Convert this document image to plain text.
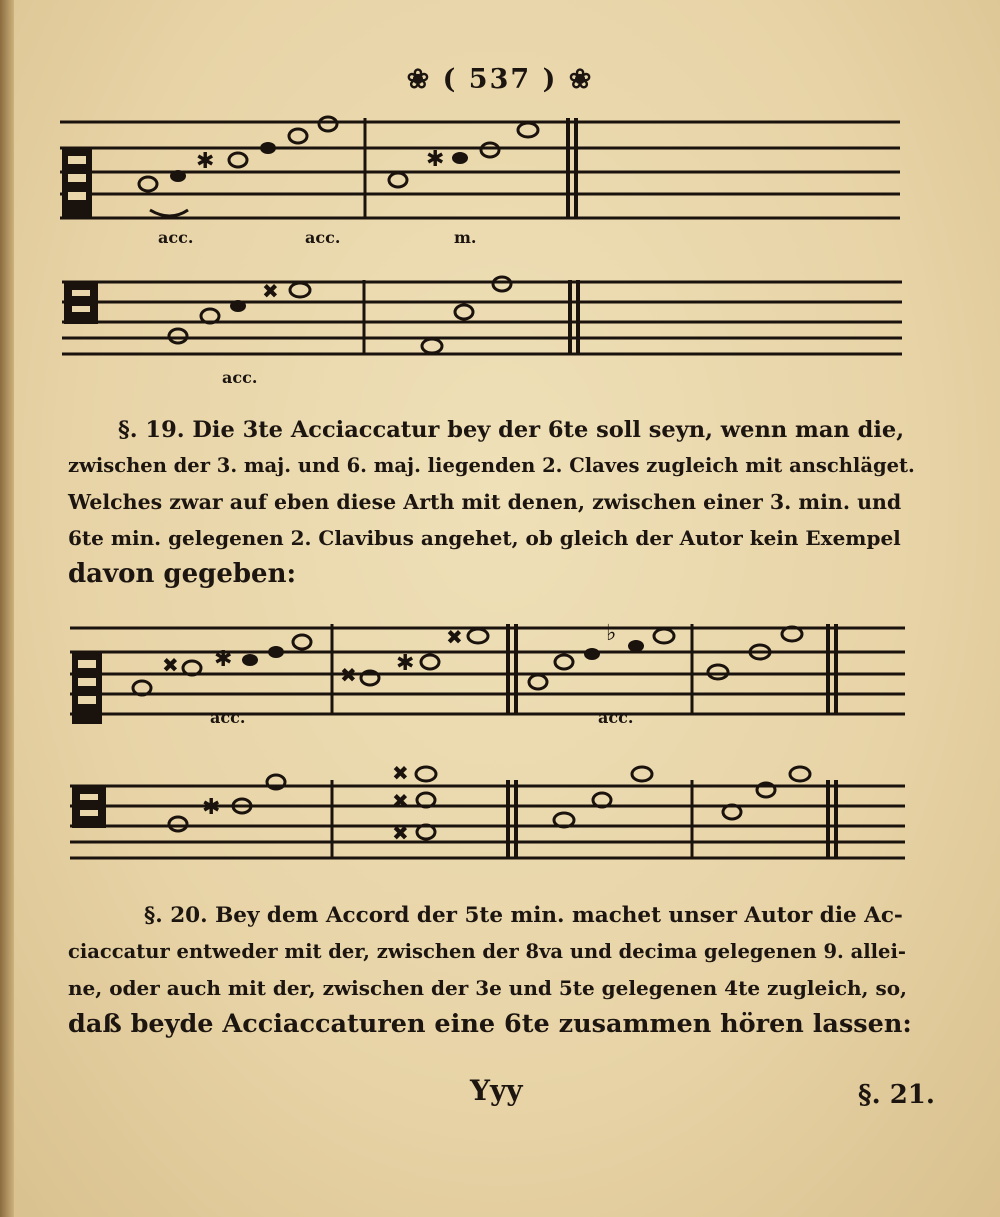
❀ ( 537 ) ❀
✱	✱
acc.	acc.	m.
✖
acc.
§. 19. Die 3te Acciaccatur bey der 6te soll seyn, wenn man die,
zwischen der 3. maj. und 6. maj. liegenden 2. Claves zugleich mit anschläget.
Welches zwar auf eben diese Arth mit denen, zwischen einer 3. min. und
6te min. gelegenen 2. Clavibus angehet, ob gleich der Autor kein Exempel
davon gegeben:
✖ ✱
✖ ✱
✖	♭
acc.	acc.
✱
✖
✖
✖
§. 20. Bey dem Accord der 5te min. machet unser Autor die Ac-
ciaccatur entweder mit der, zwischen der 8va und decima gelegenen 9. allei-
ne, oder auch mit der, zwischen der 3e und 5te gelegenen 4te zugleich, so,
daß beyde Acciaccaturen eine 6te zusammen hören lassen:
Yyy	§. 21.
